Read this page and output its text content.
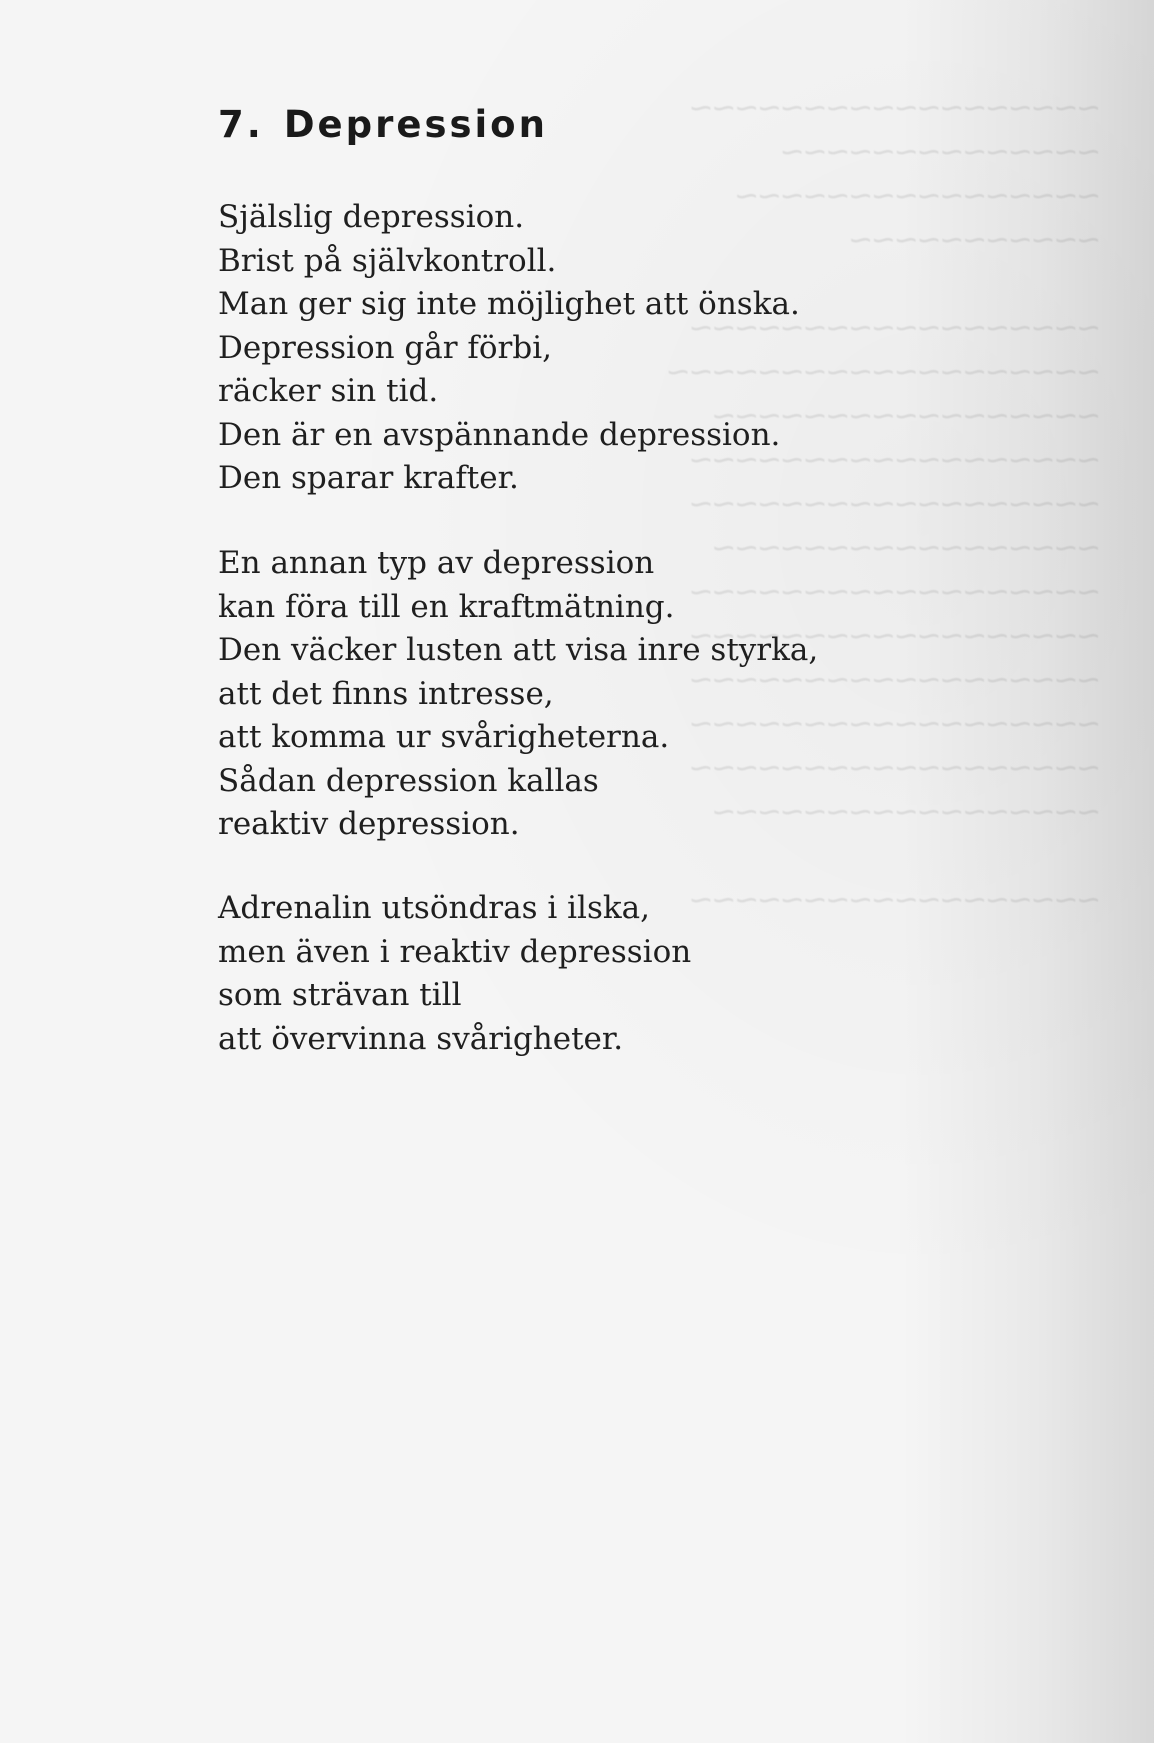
~~~~~~~~~~~~~~~~~~
~~~~~~~~~~~~~~
~~~~~~~~~~~~~~~~
~~~~~~~~~~~

~~~~~~~~~~~~~~~~~~
~~~~~~~~~~~~~~~~~~~
~~~~~~~~~~~~~~~~~
~~~~~~~~~~~~~~~~~~
~~~~~~~~~~~~~~~~~~
~~~~~~~~~~~~~~~~~
~~~~~~~~~~~~~~~~~~
~~~~~~~~~~~~~~~~~~
~~~~~~~~~~~~~~~~~~
~~~~~~~~~~~~~~~~~~
~~~~~~~~~~~~~~~~~~
~~~~~~~~~~~~~~~~~

~~~~~~~~~~~~~~~~~~
7. Depression
Själslig depression.
Brist på självkontroll.
Man ger sig inte möjlighet att önska.
Depression går förbi,
räcker sin tid.
Den är en avspännande depression.
Den sparar krafter.
En annan typ av depression
kan föra till en kraftmätning.
Den väcker lusten att visa inre styrka,
att det finns intresse,
att komma ur svårigheterna.
Sådan depression kallas
reaktiv depression.
Adrenalin utsöndras i ilska,
men även i reaktiv depression
som strävan till
att övervinna svårigheter.
